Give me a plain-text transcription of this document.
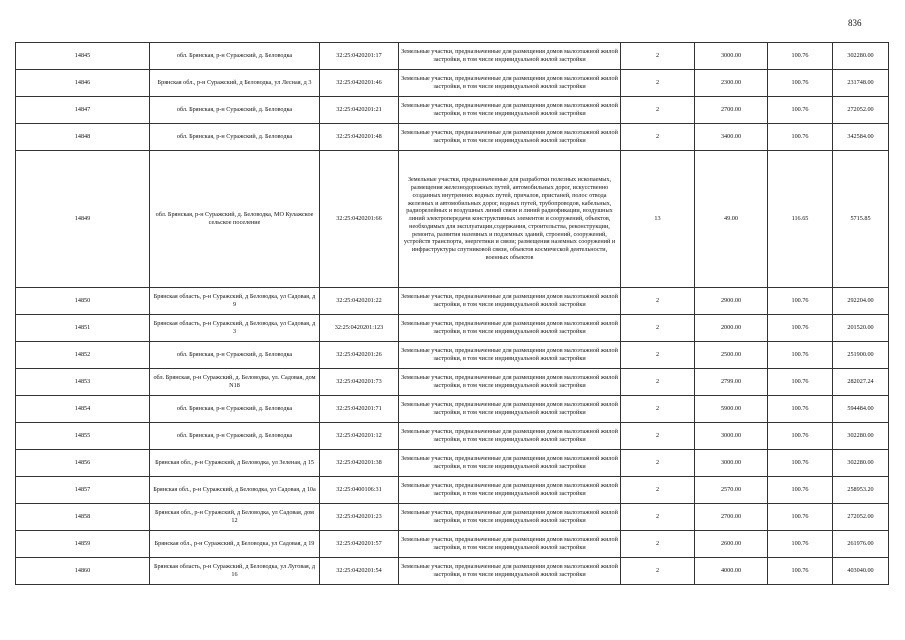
836
14845	обл. Брянская, р-н Суражский, д. Беловодка	32:25:0420201:17	Земельные участки, предназначенные для размещения домов малоэтажной жилой застройки, в том числе индивидуальной жилой застройки	2	3000.00	100.76	302280.00
14846	Брянская обл., р-н Суражский, д Беловодка, ул Лесная, д 3	32:25:0420201:46	Земельные участки, предназначенные для размещения домов малоэтажной жилой застройки, в том числе индивидуальной жилой застройки	2	2300.00	100.76	231748.00
14847	обл. Брянская, р-н Суражский, д. Беловодка	32:25:0420201:21	Земельные участки, предназначенные для размещения домов малоэтажной жилой застройки, в том числе индивидуальной жилой застройки	2	2700.00	100.76	272052.00
14848	обл. Брянская, р-н Суражский, д. Беловодка	32:25:0420201:48	Земельные участки, предназначенные для размещения домов малоэтажной жилой застройки, в том числе индивидуальной жилой застройки	2	3400.00	100.76	342584.00
14849	обл. Брянская, р-н Суражский, д. Беловодка, МО Кулажское сельское поселение	32:25:0420201:66	Земельные участки, предназначенные для разработки полезных ископаемых, размещения железнодорожных путей, автомобильных дорог, искусственно созданных внутренних водных путей, причалов, пристаней, полос отвода железных и автомобильных дорог, водных путей, трубопроводов, кабельных, радиорелейных и воздушных линий связи и линий радиофикации, воздушных линий электропередачи конструктивных элементов и сооружений, объектов, необходимых для эксплуатации,содержания, строительства, реконструкции, ремонта, развития наземных и подземных зданий, строений, сооружений, устройств транспорта, энергетики и связи; размещения наземных сооружений и инфраструктуры спутниковой связи, объектов космической деятельности, военных объектов	13	49.00	116.65	5715.85
14850	Брянская область, р-н Суражский, д Беловодка, ул Садовая, д 9	32:25:0420201:22	Земельные участки, предназначенные для размещения домов малоэтажной жилой застройки, в том числе индивидуальной жилой застройки	2	2900.00	100.76	292204.00
14851	Брянская область, р-н Суражский, д Беловодка, ул Садовая, д 3	32:25:0420201:123	Земельные участки, предназначенные для размещения домов малоэтажной жилой застройки, в том числе индивидуальной жилой застройки	2	2000.00	100.76	201520.00
14852	обл. Брянская, р-н Суражский, д. Беловодка	32:25:0420201:26	Земельные участки, предназначенные для размещения домов малоэтажной жилой застройки, в том числе индивидуальной жилой застройки	2	2500.00	100.76	251900.00
14853	обл. Брянская, р-н Суражский, д. Беловодка, ул. Садовая, дом N18	32:25:0420201:73	Земельные участки, предназначенные для размещения домов малоэтажной жилой застройки, в том числе индивидуальной жилой застройки	2	2799.00	100.76	282027.24
14854	обл. Брянская, р-н Суражский, д. Беловодка	32:25:0420201:71	Земельные участки, предназначенные для размещения домов малоэтажной жилой застройки, в том числе индивидуальной жилой застройки	2	5900.00	100.76	594484.00
14855	обл. Брянская, р-н Суражский, д. Беловодка	32:25:0420201:12	Земельные участки, предназначенные для размещения домов малоэтажной жилой застройки, в том числе индивидуальной жилой застройки	2	3000.00	100.76	302280.00
14856	Брянская обл., р-н Суражский, д Беловодка, ул Зеленая, д 15	32:25:0420201:38	Земельные участки, предназначенные для размещения домов малоэтажной жилой застройки, в том числе индивидуальной жилой застройки	2	3000.00	100.76	302280.00
14857	Брянская обл., р-н Суражский, д Беловодка, ул Садовая, д 10а	32:25:0400106:31	Земельные участки, предназначенные для размещения домов малоэтажной жилой застройки, в том числе индивидуальной жилой застройки	2	2570.00	100.76	258953.20
14858	Брянская обл., р-н Суражский, д Беловодка, ул Садовая, дом 12	32:25:0420201:23	Земельные участки, предназначенные для размещения домов малоэтажной жилой застройки, в том числе индивидуальной жилой застройки	2	2700.00	100.76	272052.00
14859	Брянская обл., р-н Суражский, д Беловодка, ул Садовая, д 19	32:25:0420201:57	Земельные участки, предназначенные для размещения домов малоэтажной жилой застройки, в том числе индивидуальной жилой застройки	2	2600.00	100.76	261976.00
14860	Брянская область, р-н Суражский, д Беловодка, ул Луговая, д 16	32:25:0420201:54	Земельные участки, предназначенные для размещения домов малоэтажной жилой застройки, в том числе индивидуальной жилой застройки	2	4000.00	100.76	403040.00
